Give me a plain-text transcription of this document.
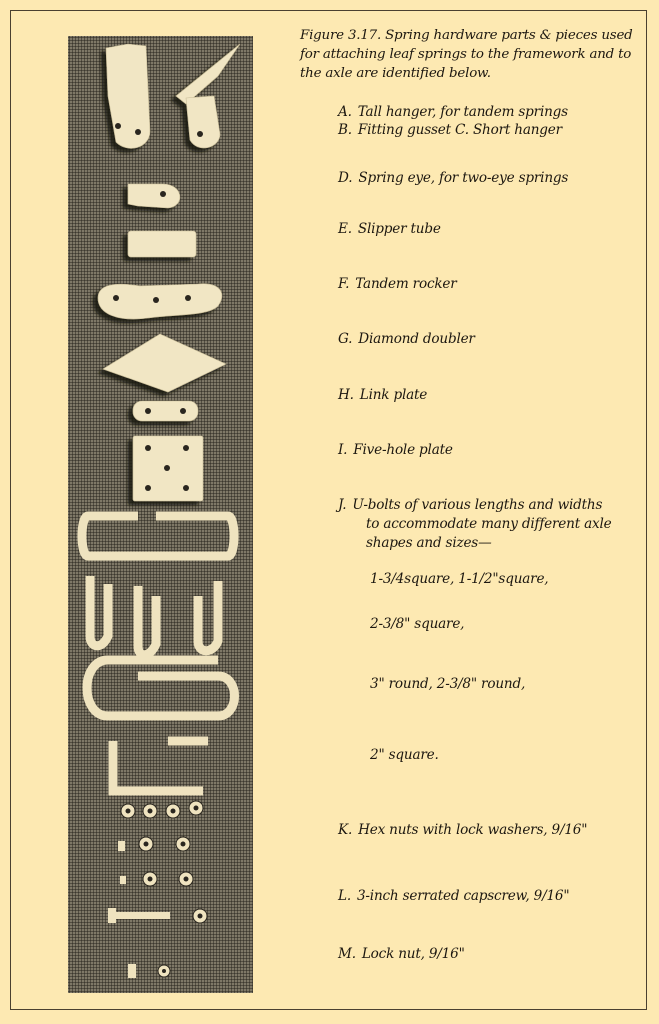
Figure 3.17. Spring hardware parts & pieces used for attaching leaf springs to the framework and to the axle are identified below.
A. Tall hanger, for tandem springs
B. Fitting gusset C. Short hanger
D. Spring eye, for two-eye springs
E. Slipper tube
F. Tandem rocker
G. Diamond doubler
H. Link plate
I. Five-hole plate
J. U-bolts of various lengths and widths
to accommodate many different axle
shapes and sizes—
1-3/4square, 1-1/2"square,
2-3/8" square,
3" round, 2-3/8" round,
2" square.
K. Hex nuts with lock washers, 9/16"
L. 3-inch serrated capscrew, 9/16"
M. Lock nut, 9/16"
